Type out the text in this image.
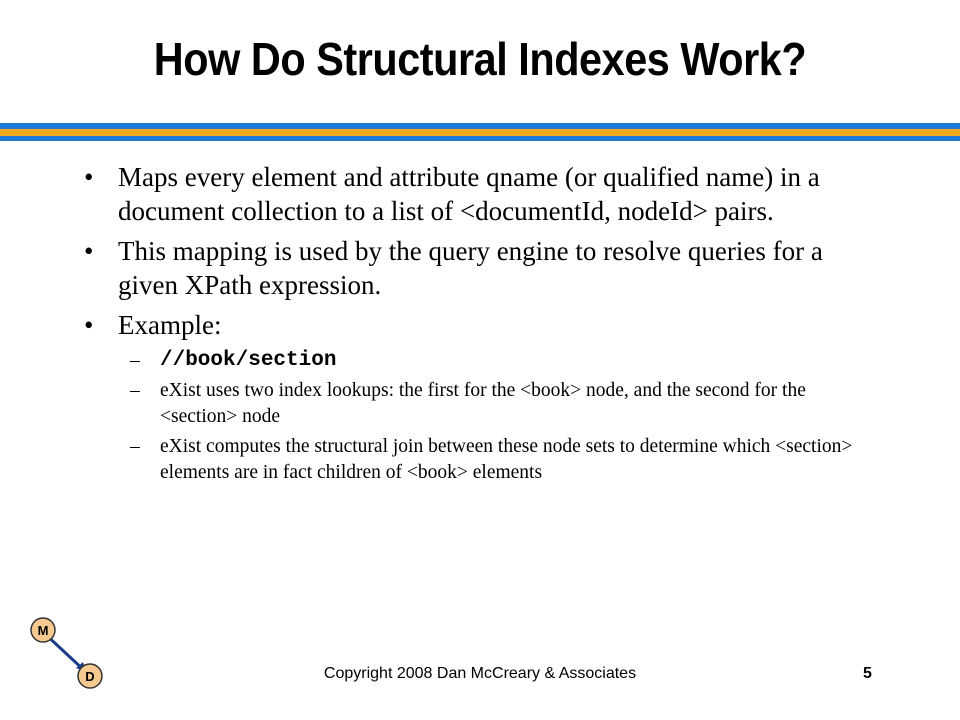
How Do Structural Indexes Work?
• Maps every element and attribute qname (or qualified name) in a document collection to a list of <documentId, nodeId> pairs.
• This mapping is used by the query engine to resolve queries for a given XPath expression.
• Example:
– //book/section
–	eXist uses two index lookups: the first for the <book> node, and the second for the <section> node
–	eXist computes the structural join between these node sets to determine which <section> elements are in fact children of <book> elements
M
D	Copyright 2008 Dan McCreary & Associates	5
